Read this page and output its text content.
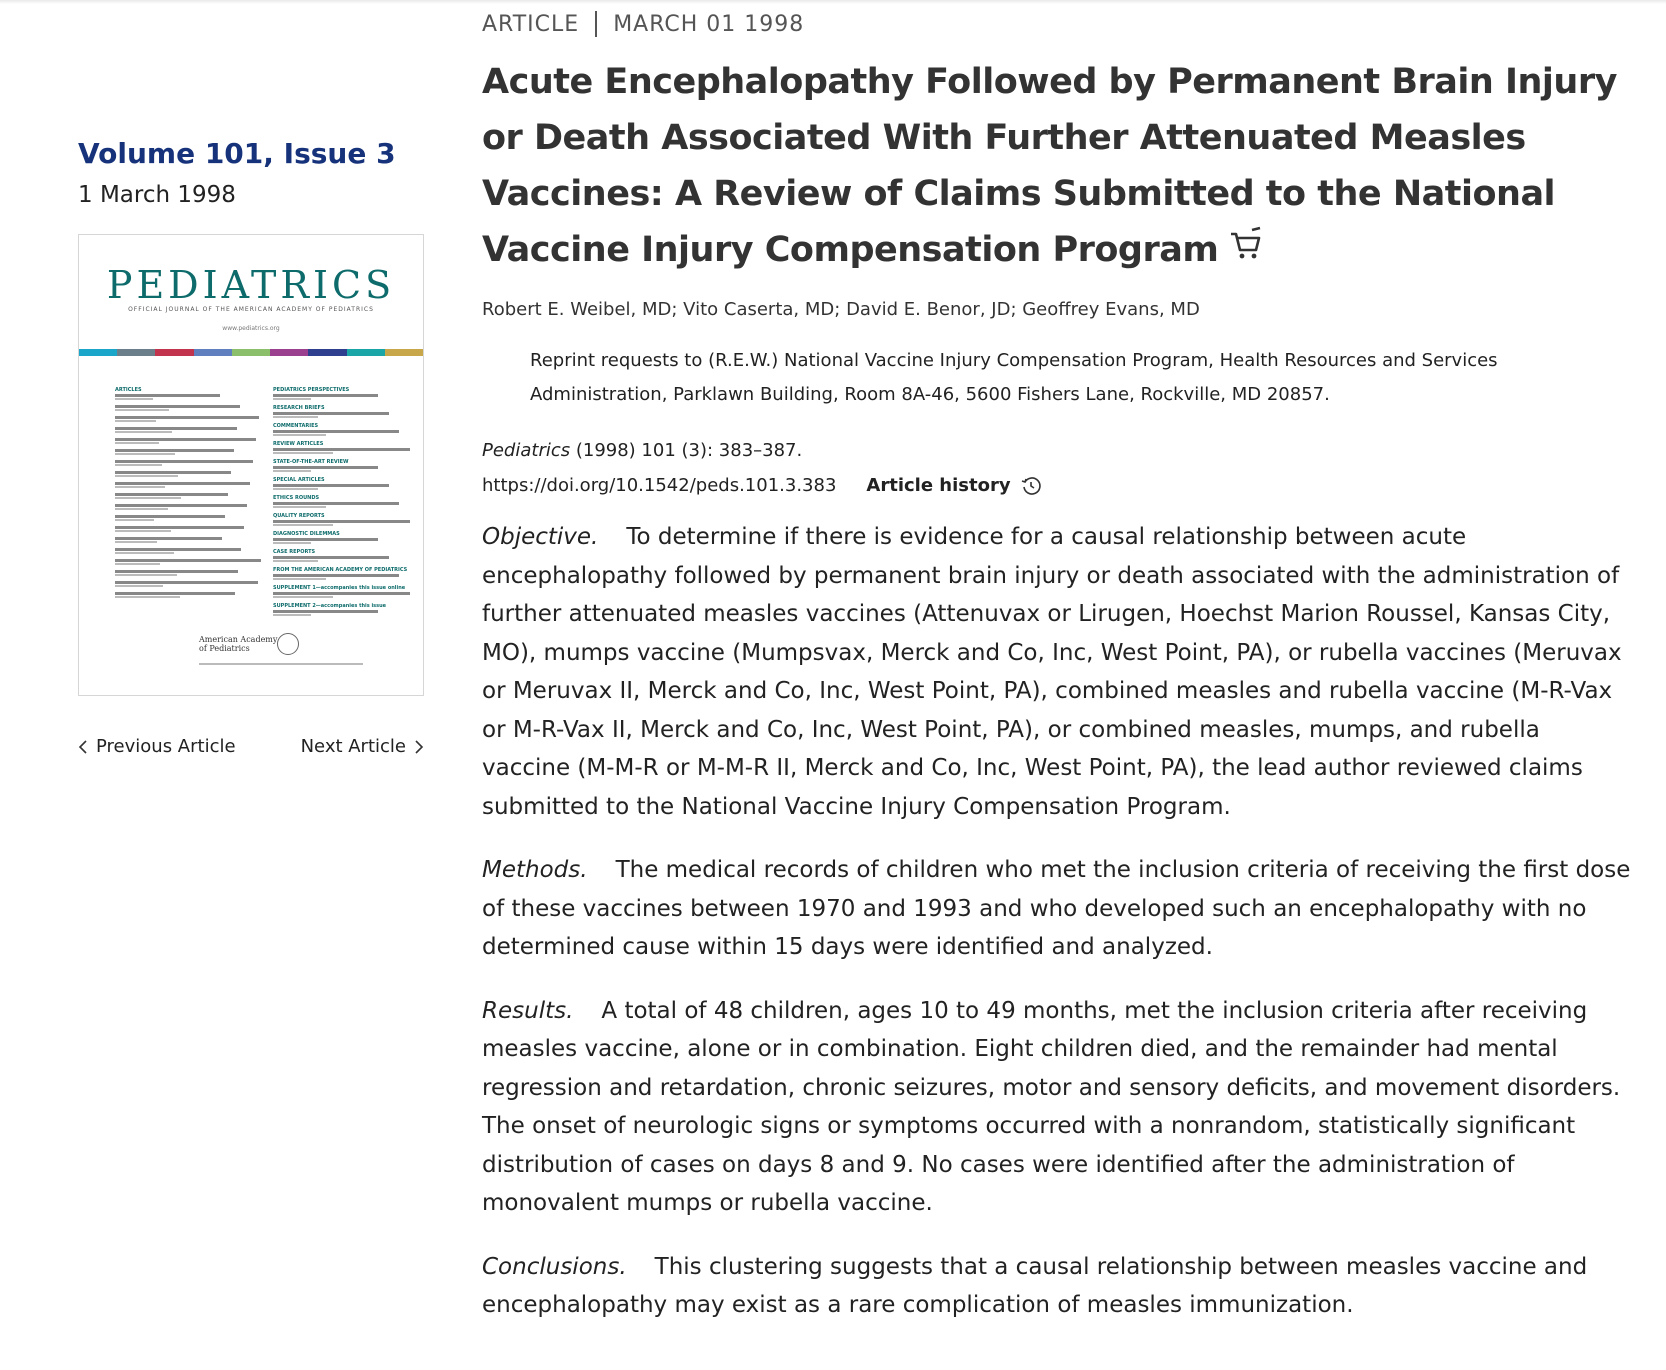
Volume 101, Issue 3
1 March 1998
PEDIATRICS
OFFICIAL JOURNAL OF THE AMERICAN ACADEMY OF PEDIATRICS
www.pediatrics.org
ARTICLES	PEDIATRICS PERSPECTIVES
RESEARCH BRIEFS
COMMENTARIES
REVIEW ARTICLES
STATE-OF-THE-ART REVIEW
SPECIAL ARTICLES
ETHICS ROUNDS
QUALITY REPORTS
DIAGNOSTIC DILEMMAS
CASE REPORTS
FROM THE AMERICAN ACADEMY OF PEDIATRICS
SUPPLEMENT 1—accompanies this issue online
SUPPLEMENT 2—accompanies this issue
American Academy
of Pediatrics
Previous Article	Next Article
ARTICLE MARCH 01 1998
Acute Encephalopathy Followed by Permanent Brain Injury or Death Associated With Further Attenuated Measles Vaccines: A Review of Claims Submitted to the National Vaccine Injury Compensation Program
Robert E. Weibel, MD; Vito Caserta, MD; David E. Benor, JD; Geoffrey Evans, MD
Reprint requests to (R.E.W.) National Vaccine Injury Compensation Program, Health Resources and Services Administration, Parklawn Building, Room 8A-46, 5600 Fishers Lane, Rockville, MD 20857.
Pediatrics (1998) 101 (3): 383–387.
https://doi.org/10.1542/peds.101.3.383 Article history

Objective. To determine if there is evidence for a causal relationship between acute encephalopathy followed by permanent brain injury or death associated with the administration of further attenuated measles vaccines (Attenuvax or Lirugen, Hoechst Marion Roussel, Kansas City, MO), mumps vaccine (Mumpsvax, Merck and Co, Inc, West Point, PA), or rubella vaccines (Meruvax or Meruvax II, Merck and Co, Inc, West Point, PA), combined measles and rubella vaccine (M-R-Vax or M-R-Vax II, Merck and Co, Inc, West Point, PA), or combined measles, mumps, and rubella vaccine (M-M-R or M-M-R II, Merck and Co, Inc, West Point, PA), the lead author reviewed claims submitted to the National Vaccine Injury Compensation Program.

Methods. The medical records of children who met the inclusion criteria of receiving the first dose of these vaccines between 1970 and 1993 and who developed such an encephalopathy with no determined cause within 15 days were identified and analyzed.

Results. A total of 48 children, ages 10 to 49 months, met the inclusion criteria after receiving measles vaccine, alone or in combination. Eight children died, and the remainder had mental regression and retardation, chronic seizures, motor and sensory deficits, and movement disorders. The onset of neurologic signs or symptoms occurred with a nonrandom, statistically significant distribution of cases on days 8 and 9. No cases were identified after the administration of monovalent mumps or rubella vaccine.

Conclusions. This clustering suggests that a causal relationship between measles vaccine and encephalopathy may exist as a rare complication of measles immunization.
